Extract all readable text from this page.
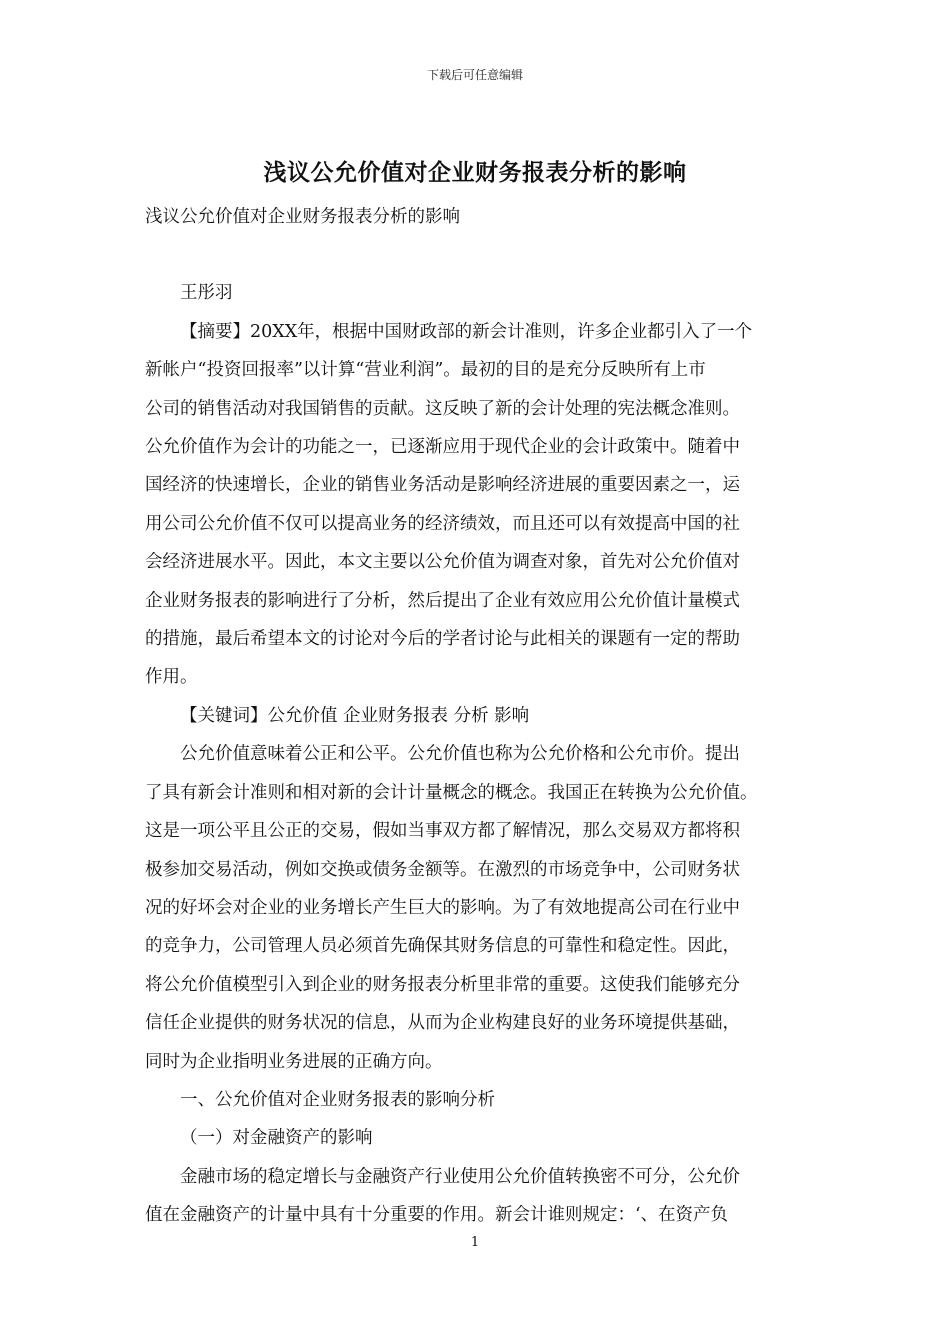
下载后可任意编辑
浅议公允价值对企业财务报表分析的影响

浅议公允价值对企业财务报表分析的影响

王彤羽

【摘要】20XX年，根据中国财政部的新会计准则，许多企业都引入了一个
新帐户“投资回报率”以计算“营业利润”。最初的目的是充分反映所有上市
公司的销售活动对我国销售的贡献。这反映了新的会计处理的宪法概念准则。
公允价值作为会计的功能之一，已逐渐应用于现代企业的会计政策中。随着中
国经济的快速增长，企业的销售业务活动是影响经济进展的重要因素之一，运
用公司公允价值不仅可以提高业务的经济绩效，而且还可以有效提高中国的社
会经济进展水平。因此，本文主要以公允价值为调查对象，首先对公允价值对
企业财务报表的影响进行了分析，然后提出了企业有效应用公允价值计量模式
的措施，最后希望本文的讨论对今后的学者讨论与此相关的课题有一定的帮助
作用。

【关键词】公允价值 企业财务报表 分析 影响

公允价值意味着公正和公平。公允价值也称为公允价格和公允市价。提出
了具有新会计准则和相对新的会计计量概念的概念。我国正在转换为公允价值。
这是一项公平且公正的交易，假如当事双方都了解情况，那么交易双方都将积
极参加交易活动，例如交换或债务金额等。在激烈的市场竞争中，公司财务状
况的好坏会对企业的业务增长产生巨大的影响。为了有效地提高公司在行业中
的竞争力，公司管理人员必须首先确保其财务信息的可靠性和稳定性。因此，
将公允价值模型引入到企业的财务报表分析里非常的重要。这使我们能够充分
信任企业提供的财务状况的信息，从而为企业构建良好的业务环境提供基础，
同时为企业指明业务进展的正确方向。

一、公允价值对企业财务报表的影响分析

（一）对金融资产的影响

金融市场的稳定增长与金融资产行业使用公允价值转换密不可分，公允价
值在金融资产的计量中具有十分重要的作用。新会计谁则规定：‘、在资产负

1
